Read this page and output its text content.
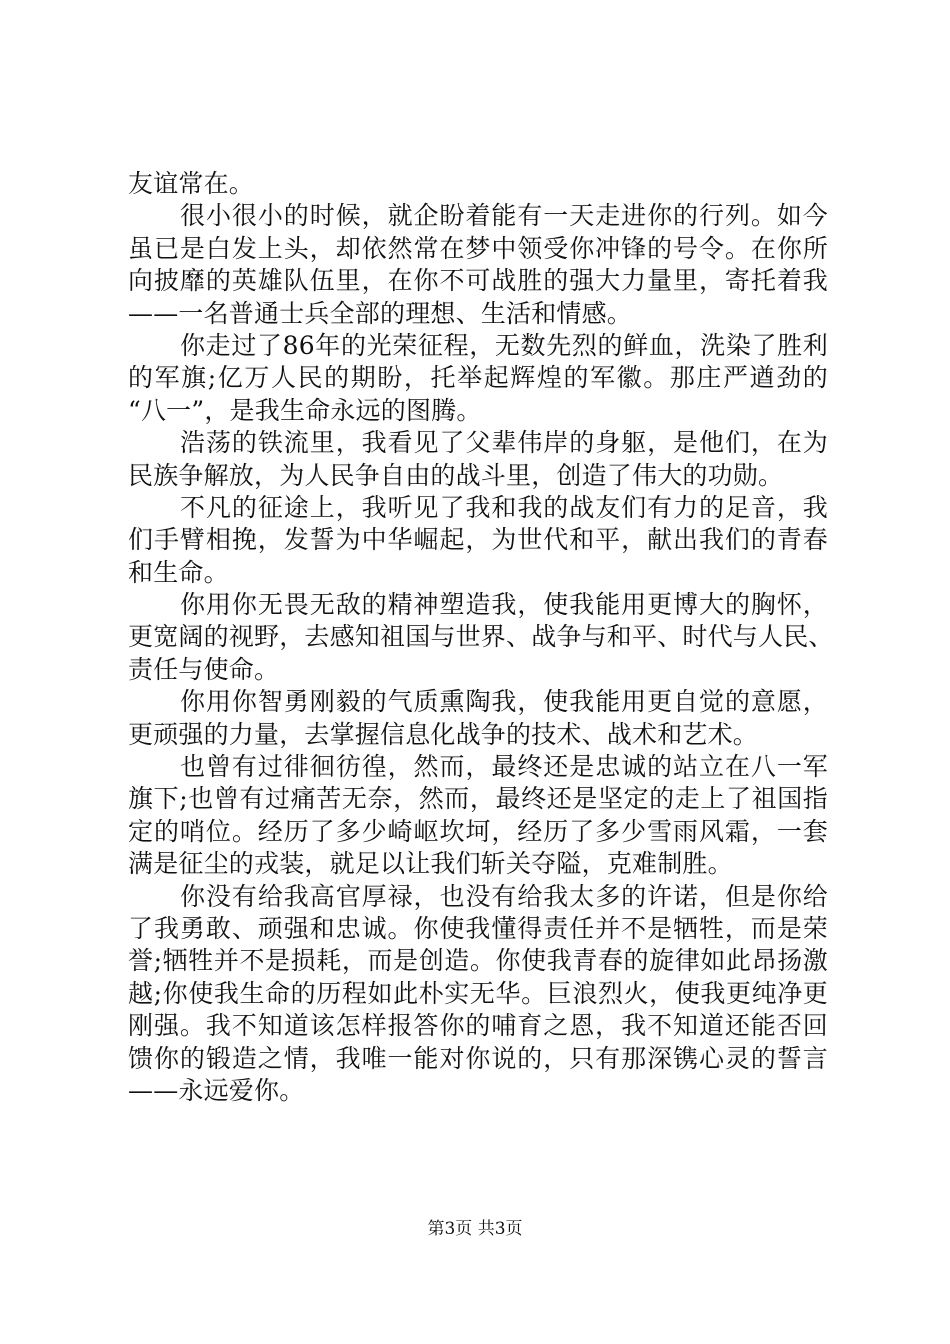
友谊常在。
很小很小的时候，就企盼着能有一天走进你的行列。如今
虽已是白发上头，却依然常在梦中领受你冲锋的号令。在你所
向披靡的英雄队伍里，在你不可战胜的强大力量里，寄托着我
——一名普通士兵全部的理想、生活和情感。
你走过了86年的光荣征程，无数先烈的鲜血，洗染了胜利
的军旗;亿万人民的期盼，托举起辉煌的军徽。那庄严遒劲的
“八一”，是我生命永远的图腾。
浩荡的铁流里，我看见了父辈伟岸的身躯，是他们，在为
民族争解放，为人民争自由的战斗里，创造了伟大的功勋。
不凡的征途上，我听见了我和我的战友们有力的足音，我
们手臂相挽，发誓为中华崛起，为世代和平，献出我们的青春
和生命。
你用你无畏无敌的精神塑造我，使我能用更博大的胸怀，
更宽阔的视野，去感知祖国与世界、战争与和平、时代与人民、
责任与使命。
你用你智勇刚毅的气质熏陶我，使我能用更自觉的意愿，
更顽强的力量，去掌握信息化战争的技术、战术和艺术。
也曾有过徘徊彷徨，然而，最终还是忠诚的站立在八一军
旗下;也曾有过痛苦无奈，然而，最终还是坚定的走上了祖国指
定的哨位。经历了多少崎岖坎坷，经历了多少雪雨风霜，一套
满是征尘的戎装，就足以让我们斩关夺隘，克难制胜。
你没有给我高官厚禄，也没有给我太多的许诺，但是你给
了我勇敢、顽强和忠诚。你使我懂得责任并不是牺牲，而是荣
誉;牺牲并不是损耗，而是创造。你使我青春的旋律如此昂扬激
越;你使我生命的历程如此朴实无华。巨浪烈火，使我更纯净更
刚强。我不知道该怎样报答你的哺育之恩，我不知道还能否回
馈你的锻造之情，我唯一能对你说的，只有那深镌心灵的誓言
——永远爱你。
第3页 共3页
